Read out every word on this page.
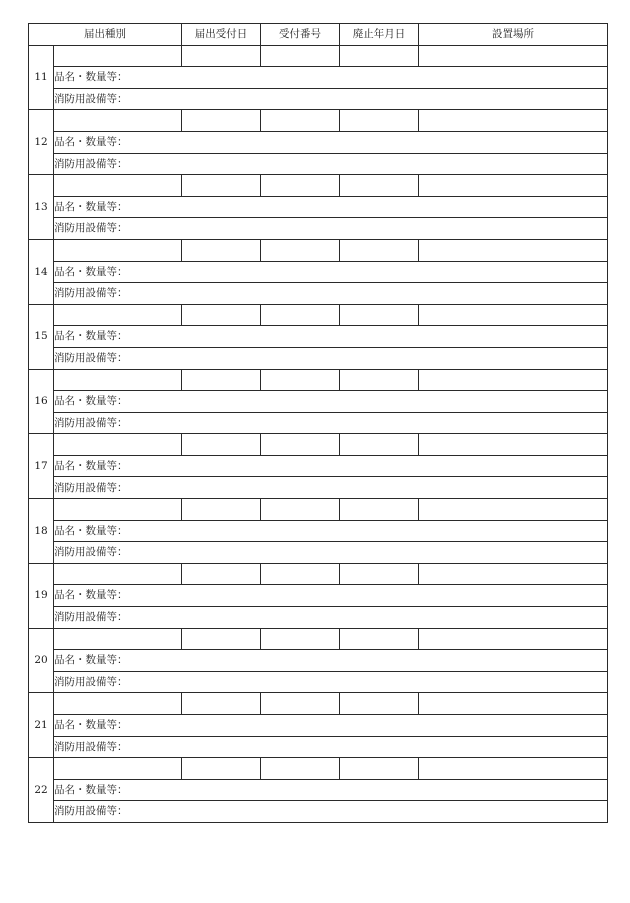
届出種別		届出受付日	受付番号	廃止年月日	設置場所
11					
	品名・数量等：				
	消防用設備等：				
12					
	品名・数量等：				
	消防用設備等：				
13					
	品名・数量等：				
	消防用設備等：				
14					
	品名・数量等：				
	消防用設備等：				
15					
	品名・数量等：				
	消防用設備等：				
16					
	品名・数量等：				
	消防用設備等：				
17					
	品名・数量等：				
	消防用設備等：				
18					
	品名・数量等：				
	消防用設備等：				
19					
	品名・数量等：				
	消防用設備等：				
20					
	品名・数量等：				
	消防用設備等：				
21					
	品名・数量等：				
	消防用設備等：				
22					
	品名・数量等：				
	消防用設備等：				
